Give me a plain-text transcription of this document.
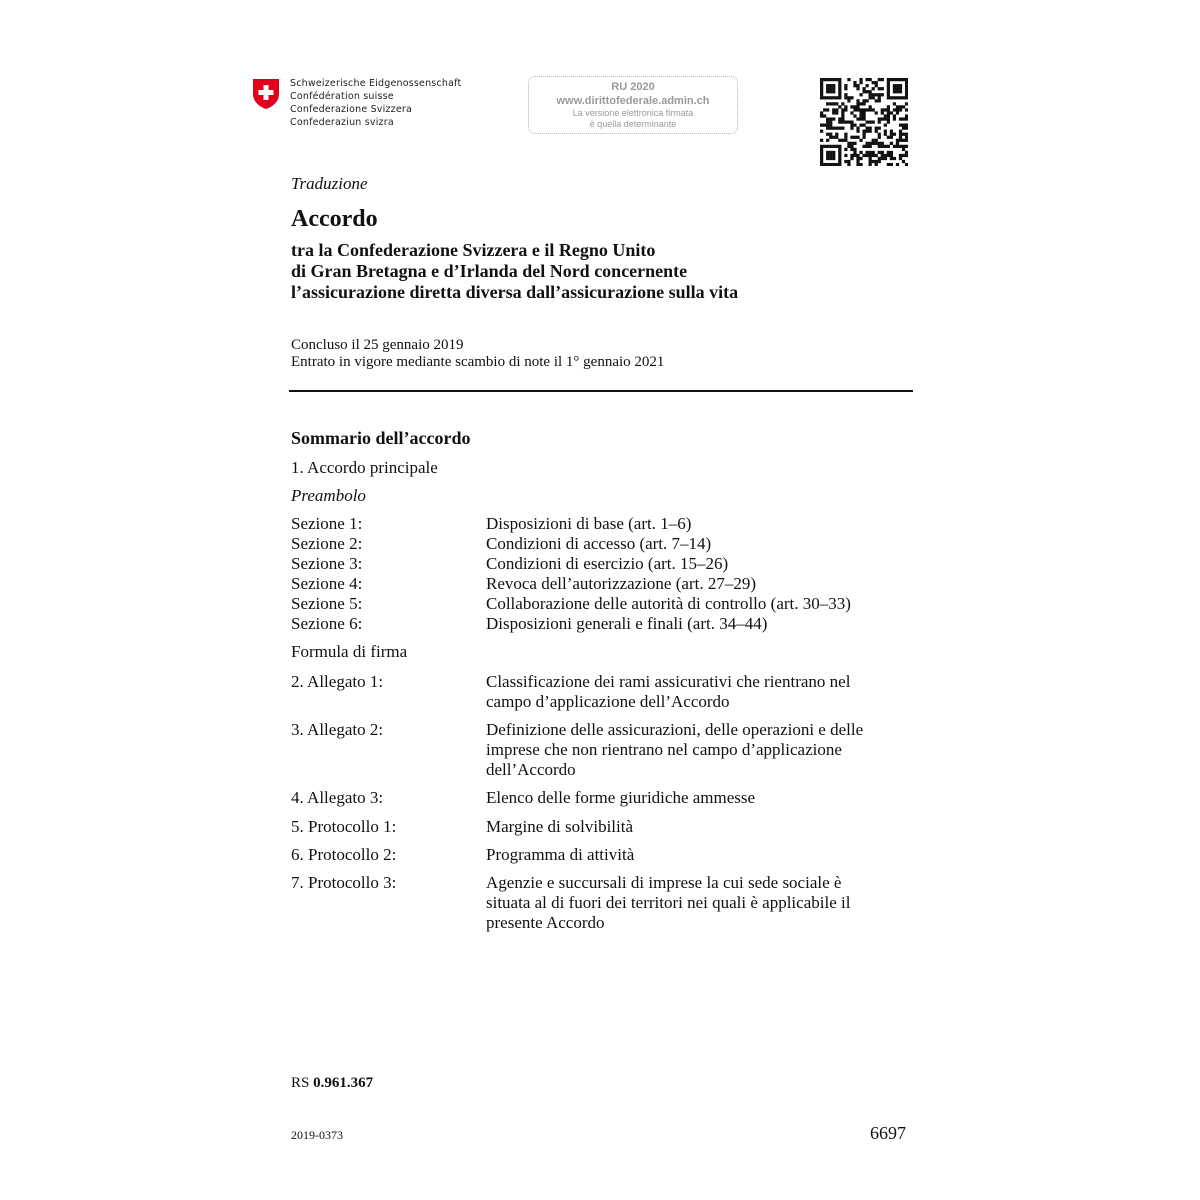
Schweizerische Eidgenossenschaft
Confédération suisse
Confederazione Svizzera
Confederaziun svizra
RU 2020
www.dirittofederale.admin.ch
La versione elettronica firmata
è quella determinante
Traduzione
Accordo
tra la Confederazione Svizzera e il Regno Unito
di Gran Bretagna e d’Irlanda del Nord concernente
l’assicurazione diretta diversa dall’assicurazione sulla vita
Concluso il 25 gennaio 2019
Entrato in vigore mediante scambio di note il 1° gennaio 2021
Sommario dell’accordo
1. Accordo principale
Preambolo
Sezione 1:	Disposizioni di base (art. 1–6)
Sezione 2:	Condizioni di accesso (art. 7–14)
Sezione 3:	Condizioni di esercizio (art. 15–26)
Sezione 4:	Revoca dell’autorizzazione (art. 27–29)
Sezione 5:	Collaborazione delle autorità di controllo (art. 30–33)
Sezione 6:	Disposizioni generali e finali (art. 34–44)
Formula di firma
2. Allegato 1:	Classificazione dei rami assicurativi che rientrano nel
campo d’applicazione dell’Accordo
3. Allegato 2:	Definizione delle assicurazioni, delle operazioni e delle
imprese che non rientrano nel campo d’applicazione
dell’Accordo
4. Allegato 3:	Elenco delle forme giuridiche ammesse
5. Protocollo 1:	Margine di solvibilità
6. Protocollo 2:	Programma di attività
7. Protocollo 3:	Agenzie e succursali di imprese la cui sede sociale è
situata al di fuori dei territori nei quali è applicabile il
presente Accordo
RS 0.961.367
2019-0373	6697
